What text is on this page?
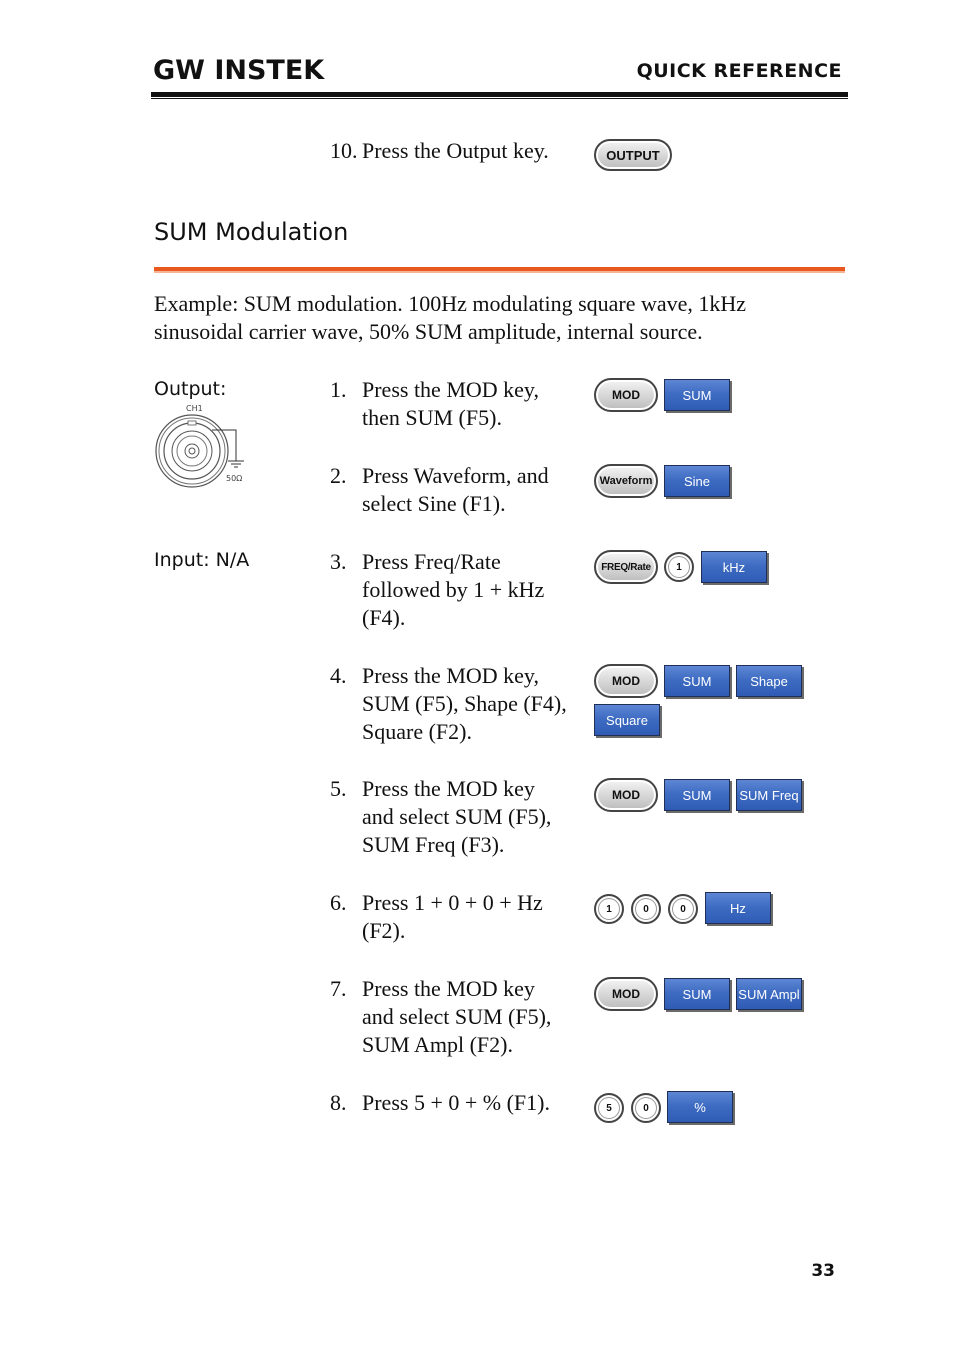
GW INSTEK	QUICK REFERENCE
10. Press the Output key.	OUTPUT
SUM Modulation
Example: SUM modulation. 100Hz modulating square wave, 1kHz
sinusoidal carrier wave, 50% SUM amplitude, internal source.
Output:
CH1
50Ω
Input: N/A
1. Press the MOD key,
then SUM (F5).
MOD	SUM
2. Press Waveform, and
select Sine (F1).
Waveform	Sine
3. Press Freq/Rate
followed by 1 + kHz
(F4).
FREQ/Rate	1	kHz
4. Press the MOD key,
SUM (F5), Shape (F4),
Square (F2).
MOD	SUM	Shape
Square
5. Press the MOD key
and select SUM (F5),
SUM Freq (F3).
MOD	SUM	SUM Freq
6. Press 1 + 0 + 0 + Hz
(F2).
1	0	0	Hz
7. Press the MOD key
and select SUM (F5),
SUM Ampl (F2).
MOD	SUM	SUM Ampl
8. Press 5 + 0 + % (F1).	5	0	%
33
